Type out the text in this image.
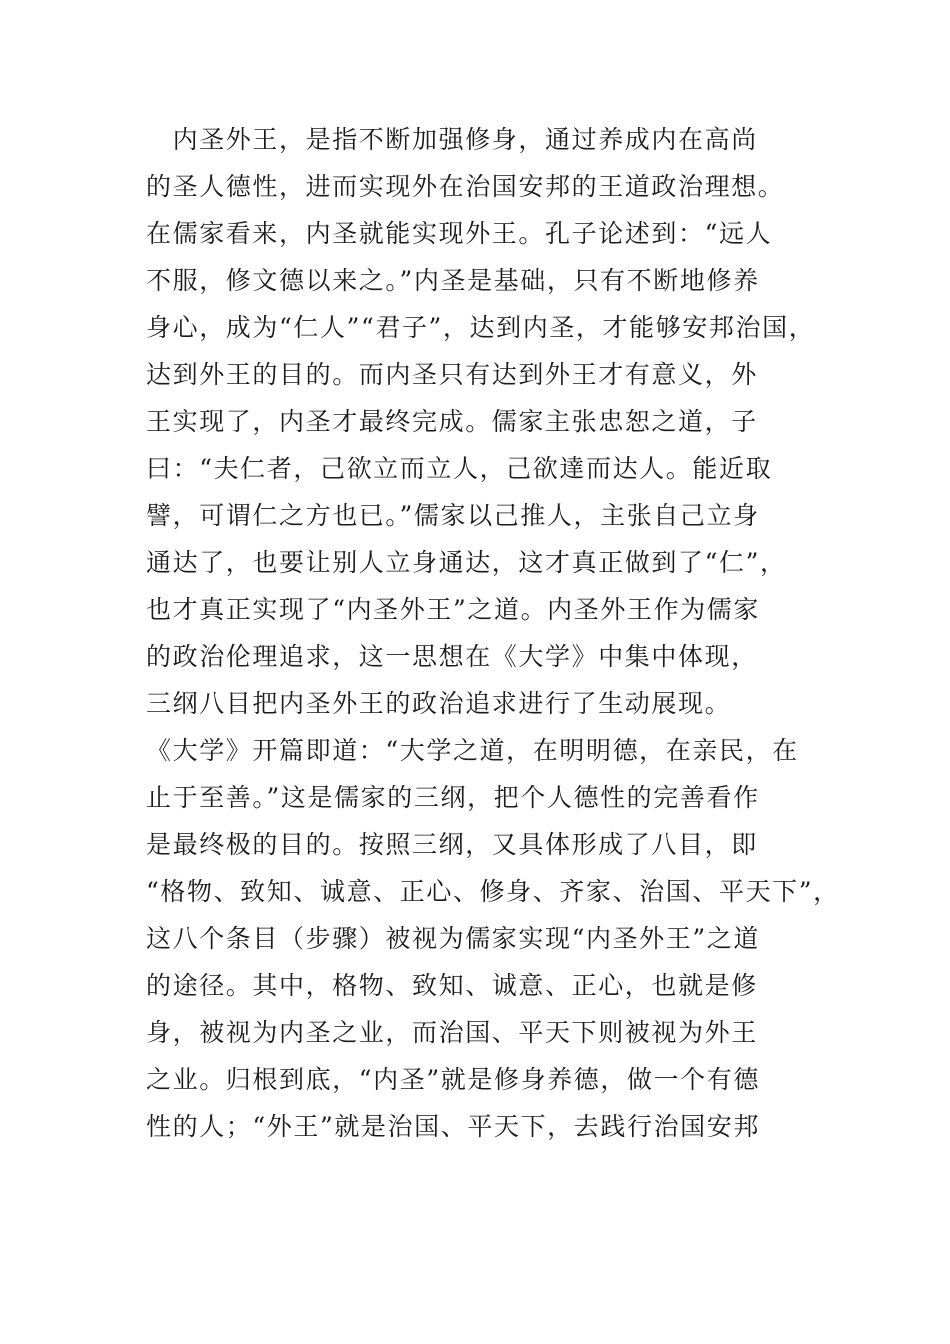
　内圣外王，是指不断加强修身，通过养成内在高尚
的圣人德性，进而实现外在治国安邦的王道政治理想。
在儒家看来，内圣就能实现外王。孔子论述到：“远人
不服，修文德以来之。”内圣是基础，只有不断地修养
身心，成为“仁人”“君子”，达到内圣，才能够安邦治国，
达到外王的目的。而内圣只有达到外王才有意义，外
王实现了，内圣才最终完成。儒家主张忠恕之道，子
曰：“夫仁者，己欲立而立人，己欲達而达人。能近取
譬，可谓仁之方也已。”儒家以己推人，主张自己立身
通达了，也要让别人立身通达，这才真正做到了“仁”，
也才真正实现了“内圣外王”之道。内圣外王作为儒家
的政治伦理追求，这一思想在《大学》中集中体现，
三纲八目把内圣外王的政治追求进行了生动展现。
《大学》开篇即道：“大学之道，在明明德，在亲民，在
止于至善。”这是儒家的三纲，把个人德性的完善看作
是最终极的目的。按照三纲，又具体形成了八目，即
“格物、致知、诚意、正心、修身、齐家、治国、平天下”，
这八个条目（步骤）被视为儒家实现“内圣外王”之道
的途径。其中，格物、致知、诚意、正心，也就是修
身，被视为内圣之业，而治国、平天下则被视为外王
之业。归根到底，“内圣”就是修身养德，做一个有德
性的人；“外王”就是治国、平天下，去践行治国安邦
